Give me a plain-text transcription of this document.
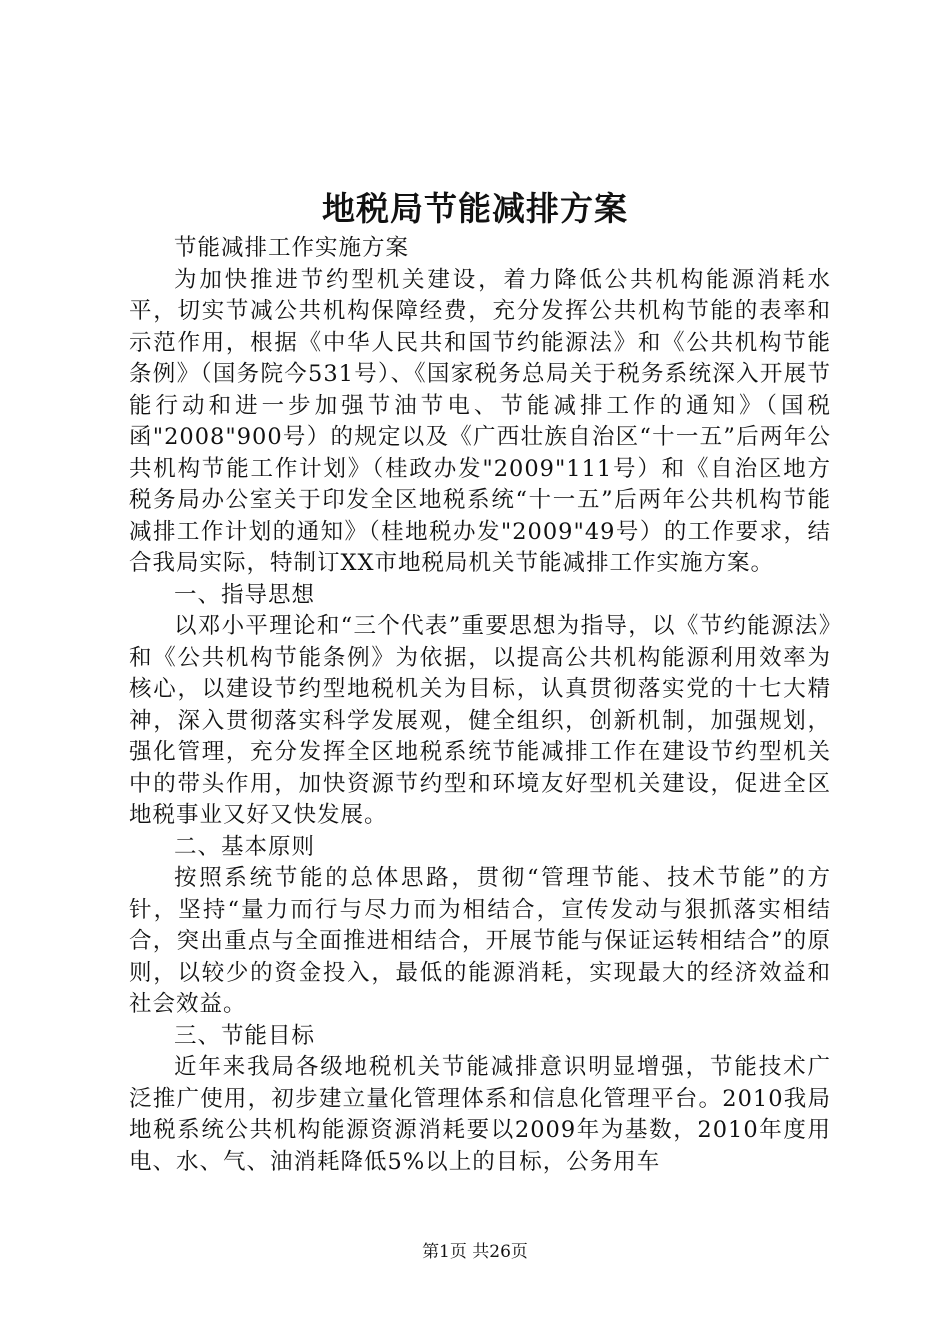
地税局节能减排方案

节能减排工作实施方案

为加快推进节约型机关建设，着力降低公共机构能源消耗水平，切实节减公共机构保障经费，充分发挥公共机构节能的表率和示范作用，根据《中华人民共和国节约能源法》和《公共机构节能条例》（国务院今531号）、《国家税务总局关于税务系统深入开展节能行动和进一步加强节油节电、节能减排工作的通知》（国税函"2008"900号）的规定以及《广西壮族自治区“十一五”后两年公共机构节能工作计划》（桂政办发"2009"111号）和《自治区地方税务局办公室关于印发全区地税系统“十一五”后两年公共机构节能减排工作计划的通知》（桂地税办发"2009"49号）的工作要求，结合我局实际，特制订XX市地税局机关节能减排工作实施方案。

一、指导思想

以邓小平理论和“三个代表”重要思想为指导，以《节约能源法》和《公共机构节能条例》为依据，以提高公共机构能源利用效率为核心，以建设节约型地税机关为目标，认真贯彻落实党的十七大精神，深入贯彻落实科学发展观，健全组织，创新机制，加强规划，强化管理，充分发挥全区地税系统节能减排工作在建设节约型机关中的带头作用，加快资源节约型和环境友好型机关建设，促进全区地税事业又好又快发展。

二、基本原则

按照系统节能的总体思路，贯彻“管理节能、技术节能”的方针，坚持“量力而行与尽力而为相结合，宣传发动与狠抓落实相结合，突出重点与全面推进相结合，开展节能与保证运转相结合”的原则，以较少的资金投入，最低的能源消耗，实现最大的经济效益和社会效益。

三、节能目标

近年来我局各级地税机关节能减排意识明显增强，节能技术广泛推广使用，初步建立量化管理体系和信息化管理平台。2010我局地税系统公共机构能源资源消耗要以2009年为基数，2010年度用电、水、气、油消耗降低5%以上的目标，公务用车

第1页 共26页
